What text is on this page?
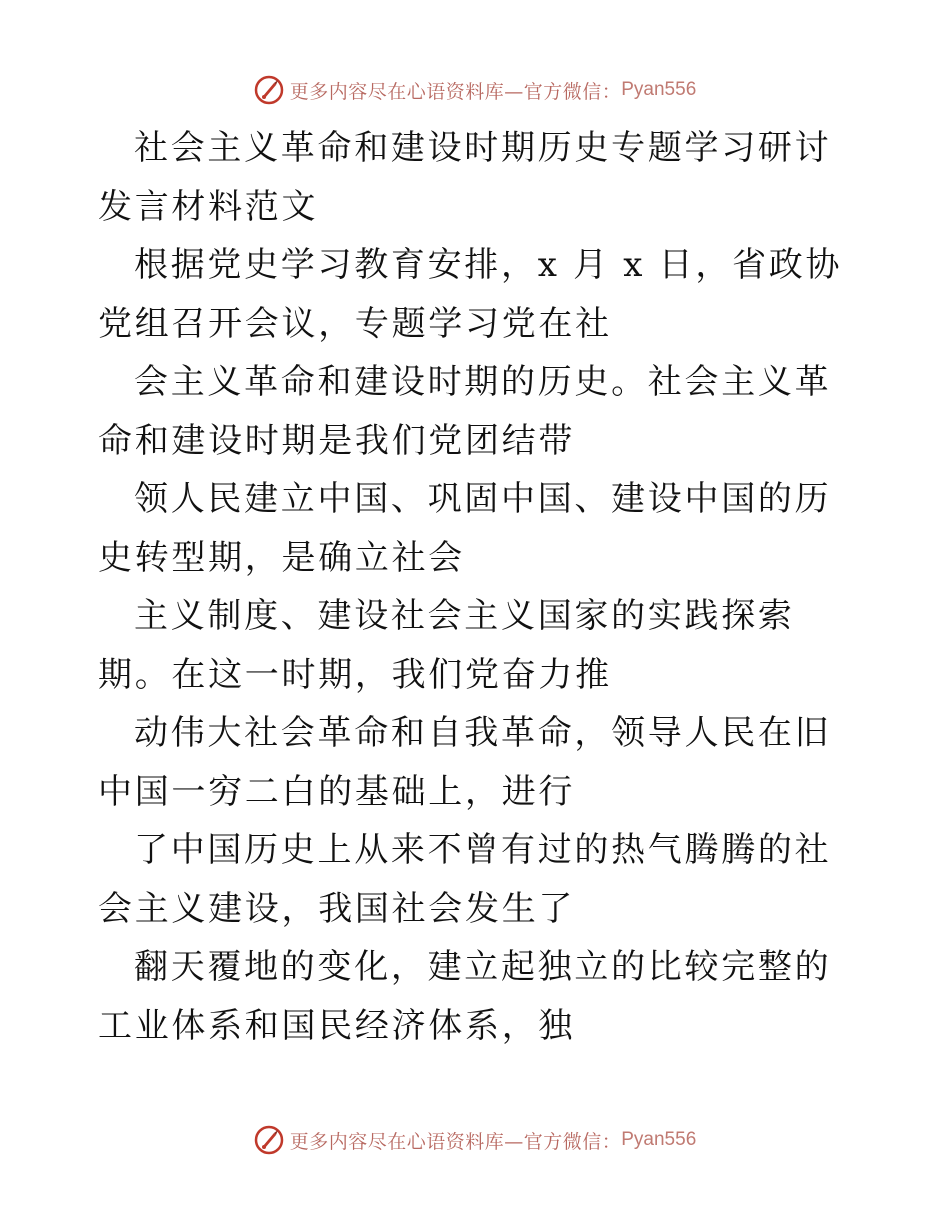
更多内容尽在心语资料库—官方微信： Pyan556

社会主义革命和建设时期历史专题学习研讨发言材料范文

根据党史学习教育安排，x 月 x 日，省政协党组召开会议，专题学习党在社

会主义革命和建设时期的历史。社会主义革命和建设时期是我们党团结带

领人民建立中国、巩固中国、建设中国的历史转型期，是确立社会

主义制度、建设社会主义国家的实践探索期。在这一时期，我们党奋力推

动伟大社会革命和自我革命，领导人民在旧中国一穷二白的基础上，进行

了中国历史上从来不曾有过的热气腾腾的社会主义建设，我国社会发生了

翻天覆地的变化，建立起独立的比较完整的工业体系和国民经济体系，独

更多内容尽在心语资料库—官方微信： Pyan556
